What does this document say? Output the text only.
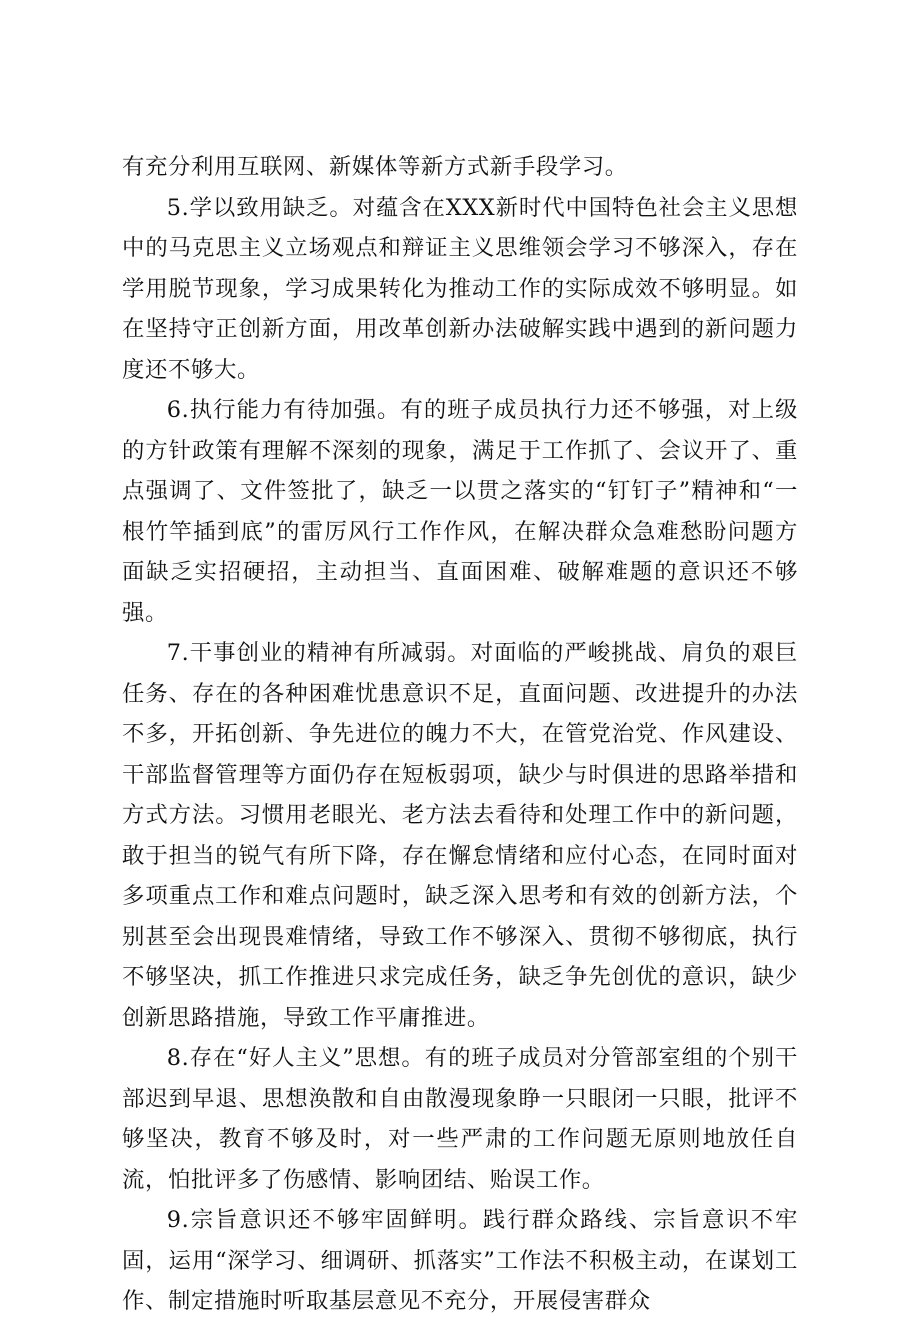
有充分利用互联网、新媒体等新方式新手段学习。

5.学以致用缺乏。对蕴含在XXX新时代中国特色社会主义思想中的马克思主义立场观点和辩证主义思维领会学习不够深入，存在学用脱节现象，学习成果转化为推动工作的实际成效不够明显。如在坚持守正创新方面，用改革创新办法破解实践中遇到的新问题力度还不够大。

6.执行能力有待加强。有的班子成员执行力还不够强，对上级的方针政策有理解不深刻的现象，满足于工作抓了、会议开了、重点强调了、文件签批了，缺乏一以贯之落实的“钉钉子”精神和“一根竹竿插到底”的雷厉风行工作作风，在解决群众急难愁盼问题方面缺乏实招硬招，主动担当、直面困难、破解难题的意识还不够强。

7.干事创业的精神有所减弱。对面临的严峻挑战、肩负的艰巨任务、存在的各种困难忧患意识不足，直面问题、改进提升的办法不多，开拓创新、争先进位的魄力不大，在管党治党、作风建设、干部监督管理等方面仍存在短板弱项，缺少与时俱进的思路举措和方式方法。习惯用老眼光、老方法去看待和处理工作中的新问题，敢于担当的锐气有所下降，存在懈怠情绪和应付心态，在同时面对多项重点工作和难点问题时，缺乏深入思考和有效的创新方法，个别甚至会出现畏难情绪，导致工作不够深入、贯彻不够彻底，执行不够坚决，抓工作推进只求完成任务，缺乏争先创优的意识，缺少创新思路措施，导致工作平庸推进。

8.存在“好人主义”思想。有的班子成员对分管部室组的个别干部迟到早退、思想涣散和自由散漫现象睁一只眼闭一只眼，批评不够坚决，教育不够及时，对一些严肃的工作问题无原则地放任自流，怕批评多了伤感情、影响团结、贻误工作。

9.宗旨意识还不够牢固鲜明。践行群众路线、宗旨意识不牢固，运用“深学习、细调研、抓落实”工作法不积极主动，在谋划工作、制定措施时听取基层意见不充分，开展侵害群众
